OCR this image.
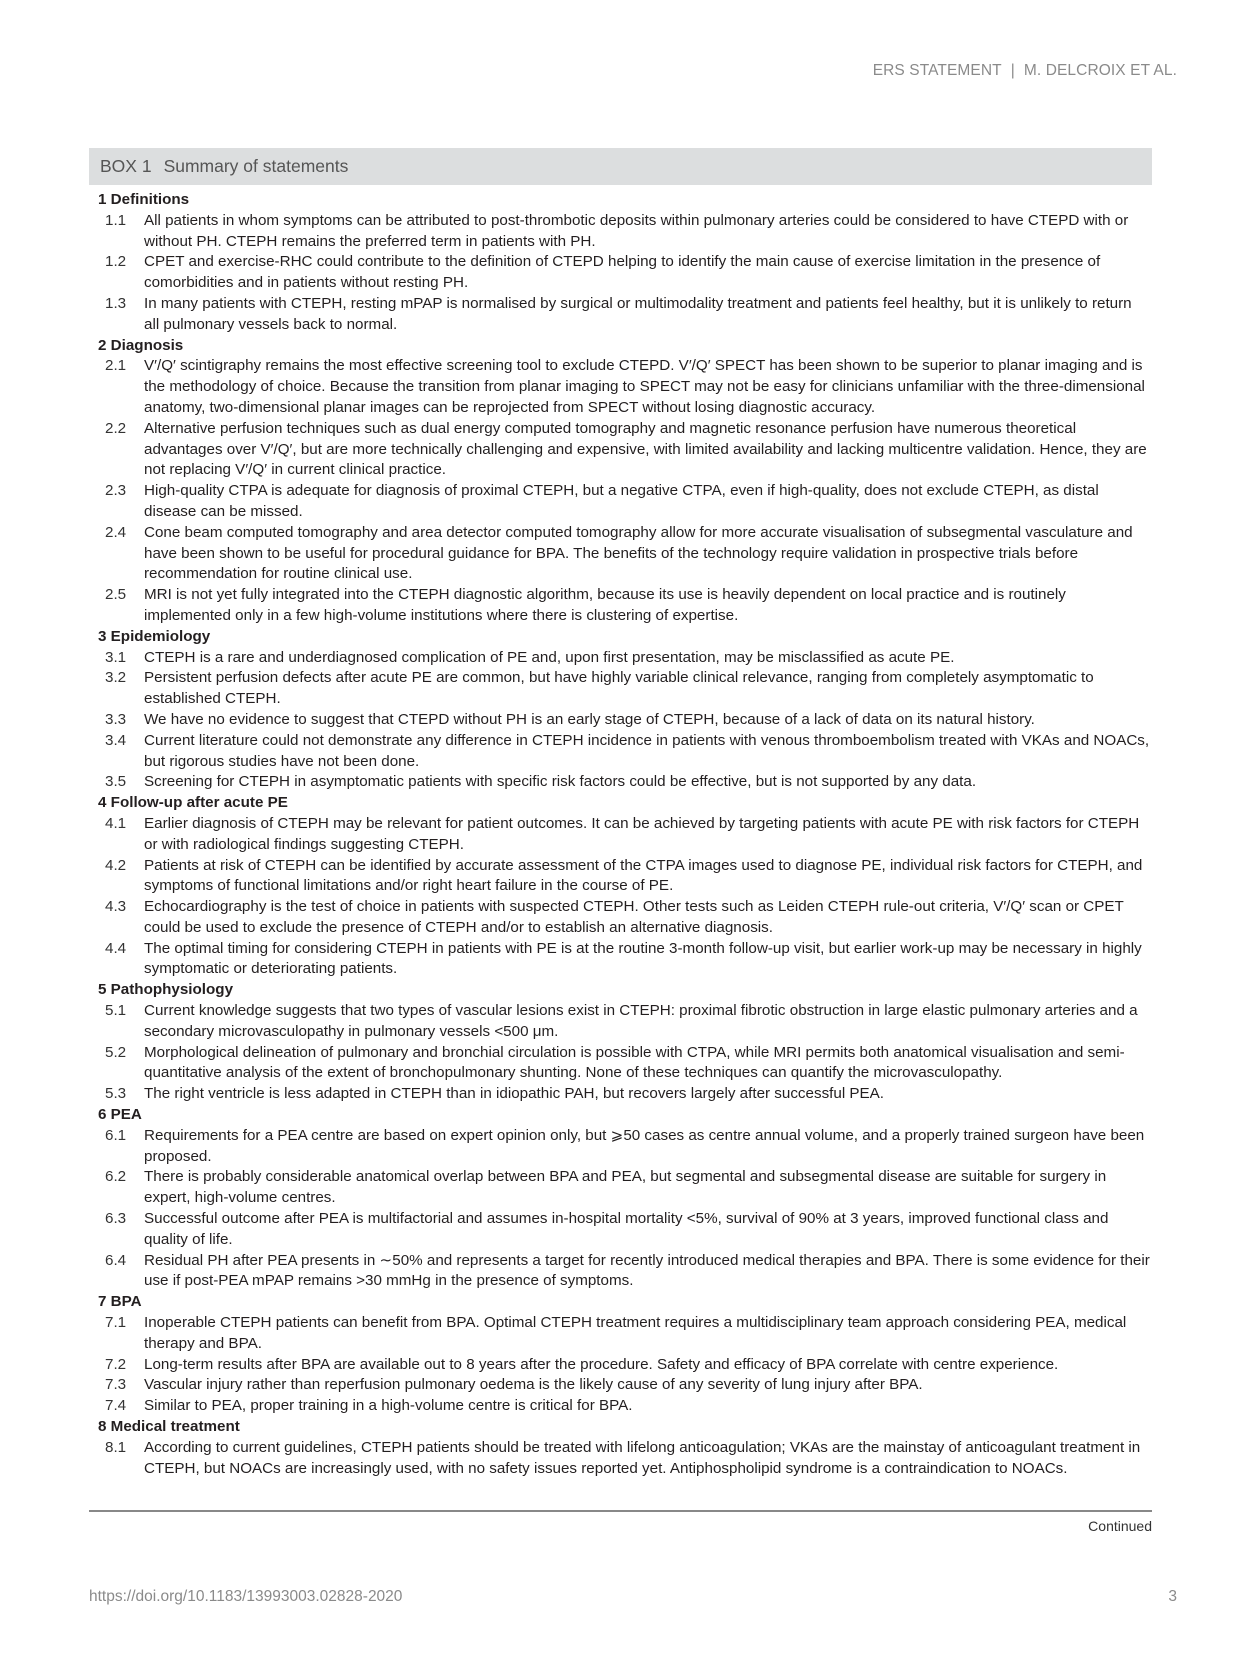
ERS STATEMENT | M. DELCROIX ET AL.
BOX 1 Summary of statements
1 Definitions
1.1	All patients in whom symptoms can be attributed to post-thrombotic deposits within pulmonary arteries could be considered to have CTEPD with or without PH. CTEPH remains the preferred term in patients with PH.
1.2	CPET and exercise-RHC could contribute to the definition of CTEPD helping to identify the main cause of exercise limitation in the presence of comorbidities and in patients without resting PH.
1.3	In many patients with CTEPH, resting mPAP is normalised by surgical or multimodality treatment and patients feel healthy, but it is unlikely to return all pulmonary vessels back to normal.
2 Diagnosis
2.1	V′/Q′ scintigraphy remains the most effective screening tool to exclude CTEPD. V′/Q′ SPECT has been shown to be superior to planar imaging and is the methodology of choice. Because the transition from planar imaging to SPECT may not be easy for clinicians unfamiliar with the three-dimensional anatomy, two-dimensional planar images can be reprojected from SPECT without losing diagnostic accuracy.
2.2	Alternative perfusion techniques such as dual energy computed tomography and magnetic resonance perfusion have numerous theoretical advantages over V′/Q′, but are more technically challenging and expensive, with limited availability and lacking multicentre validation. Hence, they are not replacing V′/Q′ in current clinical practice.
2.3	High-quality CTPA is adequate for diagnosis of proximal CTEPH, but a negative CTPA, even if high-quality, does not exclude CTEPH, as distal disease can be missed.
2.4	Cone beam computed tomography and area detector computed tomography allow for more accurate visualisation of subsegmental vasculature and have been shown to be useful for procedural guidance for BPA. The benefits of the technology require validation in prospective trials before recommendation for routine clinical use.
2.5	MRI is not yet fully integrated into the CTEPH diagnostic algorithm, because its use is heavily dependent on local practice and is routinely implemented only in a few high-volume institutions where there is clustering of expertise.
3 Epidemiology
3.1	CTEPH is a rare and underdiagnosed complication of PE and, upon first presentation, may be misclassified as acute PE.
3.2	Persistent perfusion defects after acute PE are common, but have highly variable clinical relevance, ranging from completely asymptomatic to established CTEPH.
3.3	We have no evidence to suggest that CTEPD without PH is an early stage of CTEPH, because of a lack of data on its natural history.
3.4	Current literature could not demonstrate any difference in CTEPH incidence in patients with venous thromboembolism treated with VKAs and NOACs, but rigorous studies have not been done.
3.5	Screening for CTEPH in asymptomatic patients with specific risk factors could be effective, but is not supported by any data.
4 Follow-up after acute PE
4.1	Earlier diagnosis of CTEPH may be relevant for patient outcomes. It can be achieved by targeting patients with acute PE with risk factors for CTEPH or with radiological findings suggesting CTEPH.
4.2	Patients at risk of CTEPH can be identified by accurate assessment of the CTPA images used to diagnose PE, individual risk factors for CTEPH, and symptoms of functional limitations and/or right heart failure in the course of PE.
4.3	Echocardiography is the test of choice in patients with suspected CTEPH. Other tests such as Leiden CTEPH rule-out criteria, V′/Q′ scan or CPET could be used to exclude the presence of CTEPH and/or to establish an alternative diagnosis.
4.4	The optimal timing for considering CTEPH in patients with PE is at the routine 3-month follow-up visit, but earlier work-up may be necessary in highly symptomatic or deteriorating patients.
5 Pathophysiology
5.1	Current knowledge suggests that two types of vascular lesions exist in CTEPH: proximal fibrotic obstruction in large elastic pulmonary arteries and a secondary microvasculopathy in pulmonary vessels <500 μm.
5.2	Morphological delineation of pulmonary and bronchial circulation is possible with CTPA, while MRI permits both anatomical visualisation and semi-quantitative analysis of the extent of bronchopulmonary shunting. None of these techniques can quantify the microvasculopathy.
5.3	The right ventricle is less adapted in CTEPH than in idiopathic PAH, but recovers largely after successful PEA.
6 PEA
6.1	Requirements for a PEA centre are based on expert opinion only, but ⩾50 cases as centre annual volume, and a properly trained surgeon have been proposed.
6.2	There is probably considerable anatomical overlap between BPA and PEA, but segmental and subsegmental disease are suitable for surgery in expert, high-volume centres.
6.3	Successful outcome after PEA is multifactorial and assumes in-hospital mortality <5%, survival of 90% at 3 years, improved functional class and quality of life.
6.4	Residual PH after PEA presents in ∼50% and represents a target for recently introduced medical therapies and BPA. There is some evidence for their use if post-PEA mPAP remains >30 mmHg in the presence of symptoms.
7 BPA
7.1	Inoperable CTEPH patients can benefit from BPA. Optimal CTEPH treatment requires a multidisciplinary team approach considering PEA, medical therapy and BPA.
7.2	Long-term results after BPA are available out to 8 years after the procedure. Safety and efficacy of BPA correlate with centre experience.
7.3	Vascular injury rather than reperfusion pulmonary oedema is the likely cause of any severity of lung injury after BPA.
7.4	Similar to PEA, proper training in a high-volume centre is critical for BPA.
8 Medical treatment
8.1	According to current guidelines, CTEPH patients should be treated with lifelong anticoagulation; VKAs are the mainstay of anticoagulant treatment in CTEPH, but NOACs are increasingly used, with no safety issues reported yet. Antiphospholipid syndrome is a contraindication to NOACs.
Continued
https://doi.org/10.1183/13993003.02828-2020	3
